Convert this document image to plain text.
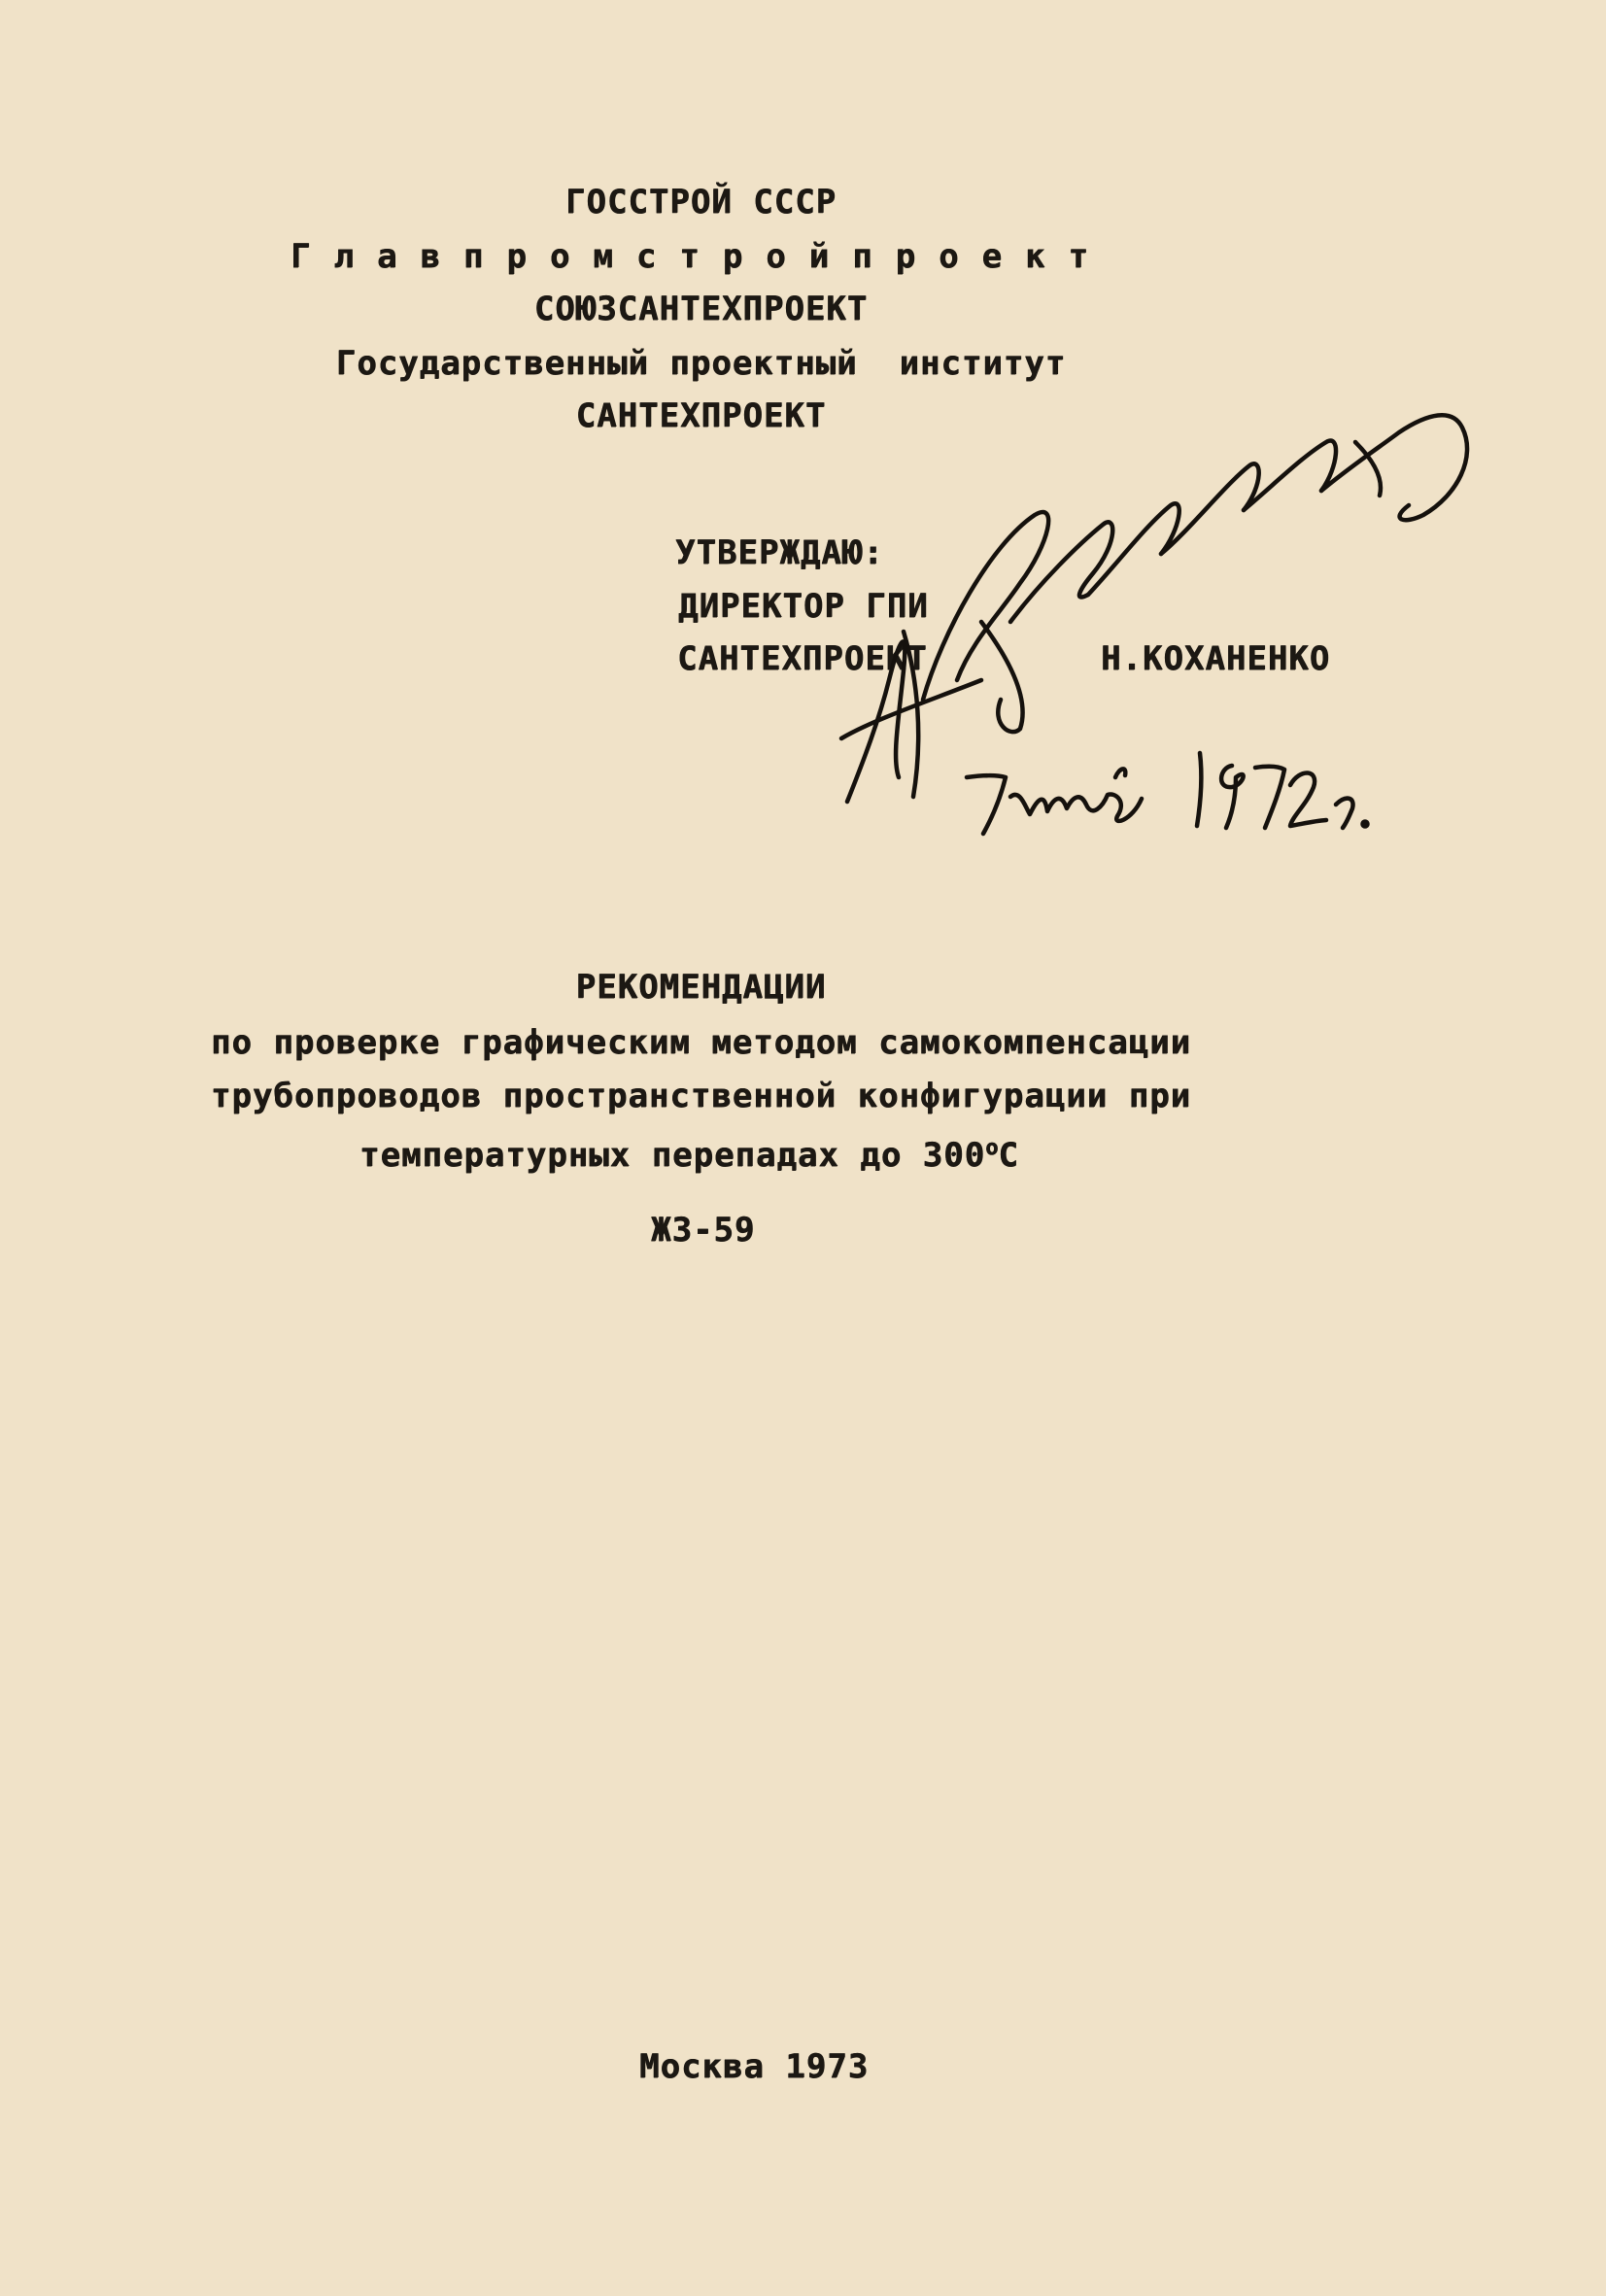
ГОССТРОЙ СССР
Главпромстройпроект
СОЮЗСАНТЕХПРОЕКТ
Государственный проектный  институт
САНТЕХПРОЕКТ
УТВЕРЖДАЮ:
ДИРЕКТОР ГПИ
САНТЕХПРОЕКТ	Н.КОХАНЕНКО
РЕКОМЕНДАЦИИ
по проверке графическим методом самокомпенсации
трубопроводов пространственной конфигурации при
температурных перепадах до $300^оС$
ЖЗ-59
Москва 1973
